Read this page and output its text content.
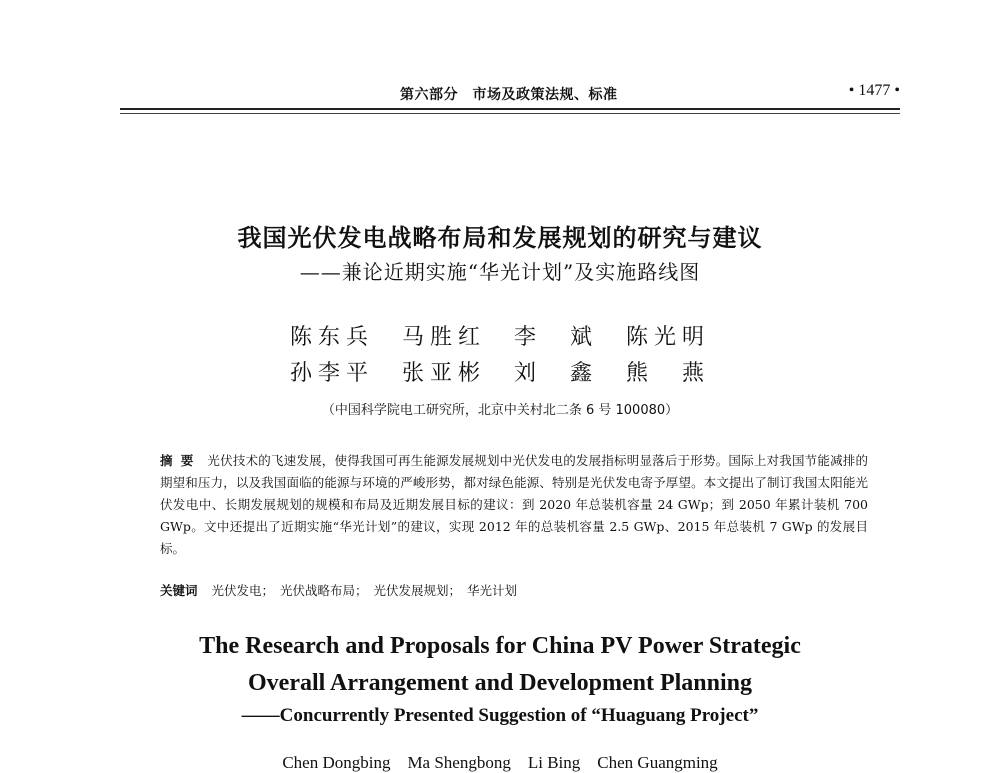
第六部分　市场及政策法规、标准	• 1477 •
我国光伏发电战略布局和发展规划的研究与建议
——兼论近期实施“华光计划”及实施路线图
陈东兵　马胜红　李　斌　陈光明
孙李平　张亚彬　刘　鑫　熊　燕
（中国科学院电工研究所，北京中关村北二条 6 号 100080）
摘要 光伏技术的飞速发展，使得我国可再生能源发展规划中光伏发电的发展指标明显落后于形势。国际上对我国节能减排的期望和压力，以及我国面临的能源与环境的严峻形势，都对绿色能源、特别是光伏发电寄予厚望。本文提出了制订我国太阳能光伏发电中、长期发展规划的规模和布局及近期发展目标的建议：到 2020 年总装机容量 24 GWp；到 2050 年累计装机 700 GWp。文中还提出了近期实施“华光计划”的建议，实现 2012 年的总装机容量 2.5 GWp、2015 年总装机 7 GWp 的发展目标。
关键词 光伏发电； 光伏战略布局； 光伏发展规划； 华光计划
The Research and Proposals for China PV Power Strategic
Overall Arrangement and Development Planning
——Concurrently Presented Suggestion of “Huaguang Project”
Chen Dongbing　Ma Shengbong　Li Bing　Chen Guangming
